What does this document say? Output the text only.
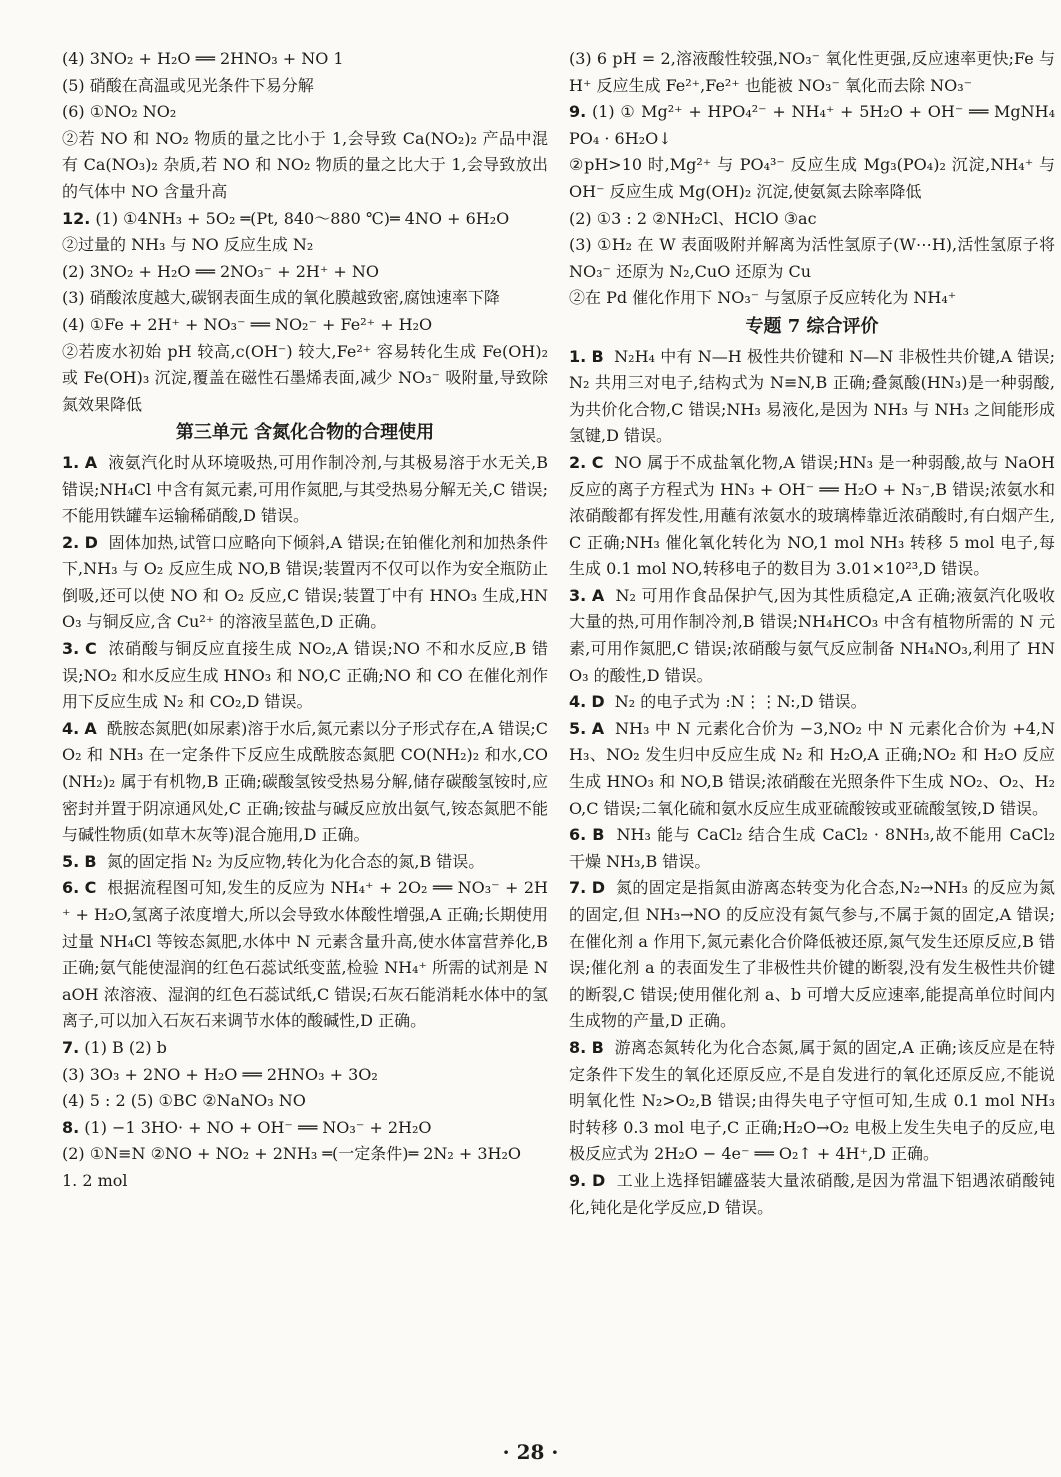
(4) 3NO₂ + H₂O ══ 2HNO₃ + NO 1

(5) 硝酸在高温或见光条件下易分解

(6) ①NO₂ NO₂

②若 NO 和 NO₂ 物质的量之比小于 1,会导致 Ca(NO₂)₂ 产品中混有 Ca(NO₃)₂ 杂质,若 NO 和 NO₂ 物质的量之比大于 1,会导致放出的气体中 NO 含量升高

12. (1) ①4NH₃ + 5O₂ ═(Pt, 840～880 ℃)═ 4NO + 6H₂O

②过量的 NH₃ 与 NO 反应生成 N₂

(2) 3NO₂ + H₂O ══ 2NO₃⁻ + 2H⁺ + NO

(3) 硝酸浓度越大,碳钢表面生成的氧化膜越致密,腐蚀速率下降

(4) ①Fe + 2H⁺ + NO₃⁻ ══ NO₂⁻ + Fe²⁺ + H₂O

②若废水初始 pH 较高,c(OH⁻) 较大,Fe²⁺ 容易转化生成 Fe(OH)₂ 或 Fe(OH)₃ 沉淀,覆盖在磁性石墨烯表面,减少 NO₃⁻ 吸附量,导致除氮效果降低

第三单元 含氮化合物的合理使用

1. A 液氨汽化时从环境吸热,可用作制冷剂,与其极易溶于水无关,B 错误;NH₄Cl 中含有氮元素,可用作氮肥,与其受热易分解无关,C 错误;不能用铁罐车运输稀硝酸,D 错误。

2. D 固体加热,试管口应略向下倾斜,A 错误;在铂催化剂和加热条件下,NH₃ 与 O₂ 反应生成 NO,B 错误;装置丙不仅可以作为安全瓶防止倒吸,还可以使 NO 和 O₂ 反应,C 错误;装置丁中有 HNO₃ 生成,HNO₃ 与铜反应,含 Cu²⁺ 的溶液呈蓝色,D 正确。

3. C 浓硝酸与铜反应直接生成 NO₂,A 错误;NO 不和水反应,B 错误;NO₂ 和水反应生成 HNO₃ 和 NO,C 正确;NO 和 CO 在催化剂作用下反应生成 N₂ 和 CO₂,D 错误。

4. A 酰胺态氮肥(如尿素)溶于水后,氮元素以分子形式存在,A 错误;CO₂ 和 NH₃ 在一定条件下反应生成酰胺态氮肥 CO(NH₂)₂ 和水,CO(NH₂)₂ 属于有机物,B 正确;碳酸氢铵受热易分解,储存碳酸氢铵时,应密封并置于阴凉通风处,C 正确;铵盐与碱反应放出氨气,铵态氮肥不能与碱性物质(如草木灰等)混合施用,D 正确。

5. B 氮的固定指 N₂ 为反应物,转化为化合态的氮,B 错误。

6. C 根据流程图可知,发生的反应为 NH₄⁺ + 2O₂ ══ NO₃⁻ + 2H⁺ + H₂O,氢离子浓度增大,所以会导致水体酸性增强,A 正确;长期使用过量 NH₄Cl 等铵态氮肥,水体中 N 元素含量升高,使水体富营养化,B 正确;氨气能使湿润的红色石蕊试纸变蓝,检验 NH₄⁺ 所需的试剂是 NaOH 浓溶液、湿润的红色石蕊试纸,C 错误;石灰石能消耗水体中的氢离子,可以加入石灰石来调节水体的酸碱性,D 正确。

7. (1) B (2) b

(3) 3O₃ + 2NO + H₂O ══ 2HNO₃ + 3O₂

(4) 5 : 2 (5) ①BC ②NaNO₃ NO

8. (1) −1 3HO· + NO + OH⁻ ══ NO₃⁻ + 2H₂O

(2) ①N≡N ②NO + NO₂ + 2NH₃ ═(一定条件)═ 2N₂ + 3H₂O

1. 2 mol

(3) 6 pH = 2,溶液酸性较强,NO₃⁻ 氧化性更强,反应速率更快;Fe 与 H⁺ 反应生成 Fe²⁺,Fe²⁺ 也能被 NO₃⁻ 氧化而去除 NO₃⁻

9. (1) ① Mg²⁺ + HPO₄²⁻ + NH₄⁺ + 5H₂O + OH⁻ ══ MgNH₄PO₄ · 6H₂O↓

②pH>10 时,Mg²⁺ 与 PO₄³⁻ 反应生成 Mg₃(PO₄)₂ 沉淀,NH₄⁺ 与 OH⁻ 反应生成 Mg(OH)₂ 沉淀,使氨氮去除率降低

(2) ①3 : 2 ②NH₂Cl、HClO ③ac

(3) ①H₂ 在 W 表面吸附并解离为活性氢原子(W⋯H),活性氢原子将 NO₃⁻ 还原为 N₂,CuO 还原为 Cu

②在 Pd 催化作用下 NO₃⁻ 与氢原子反应转化为 NH₄⁺

专题 7 综合评价

1. B N₂H₄ 中有 N—H 极性共价键和 N—N 非极性共价键,A 错误;N₂ 共用三对电子,结构式为 N≡N,B 正确;叠氮酸(HN₃)是一种弱酸,为共价化合物,C 错误;NH₃ 易液化,是因为 NH₃ 与 NH₃ 之间能形成氢键,D 错误。

2. C NO 属于不成盐氧化物,A 错误;HN₃ 是一种弱酸,故与 NaOH 反应的离子方程式为 HN₃ + OH⁻ ══ H₂O + N₃⁻,B 错误;浓氨水和浓硝酸都有挥发性,用蘸有浓氨水的玻璃棒靠近浓硝酸时,有白烟产生,C 正确;NH₃ 催化氧化转化为 NO,1 mol NH₃ 转移 5 mol 电子,每生成 0.1 mol NO,转移电子的数目为 3.01×10²³,D 错误。

3. A N₂ 可用作食品保护气,因为其性质稳定,A 正确;液氨汽化吸收大量的热,可用作制冷剂,B 错误;NH₄HCO₃ 中含有植物所需的 N 元素,可用作氮肥,C 错误;浓硝酸与氨气反应制备 NH₄NO₃,利用了 HNO₃ 的酸性,D 错误。

4. D N₂ 的电子式为 :N⋮⋮N:,D 错误。

5. A NH₃ 中 N 元素化合价为 −3,NO₂ 中 N 元素化合价为 +4,NH₃、NO₂ 发生归中反应生成 N₂ 和 H₂O,A 正确;NO₂ 和 H₂O 反应生成 HNO₃ 和 NO,B 错误;浓硝酸在光照条件下生成 NO₂、O₂、H₂O,C 错误;二氧化硫和氨水反应生成亚硫酸铵或亚硫酸氢铵,D 错误。

6. B NH₃ 能与 CaCl₂ 结合生成 CaCl₂ · 8NH₃,故不能用 CaCl₂ 干燥 NH₃,B 错误。

7. D 氮的固定是指氮由游离态转变为化合态,N₂→NH₃ 的反应为氮的固定,但 NH₃→NO 的反应没有氮气参与,不属于氮的固定,A 错误;在催化剂 a 作用下,氮元素化合价降低被还原,氮气发生还原反应,B 错误;催化剂 a 的表面发生了非极性共价键的断裂,没有发生极性共价键的断裂,C 错误;使用催化剂 a、b 可增大反应速率,能提高单位时间内生成物的产量,D 正确。

8. B 游离态氮转化为化合态氮,属于氮的固定,A 正确;该反应是在特定条件下发生的氧化还原反应,不是自发进行的氧化还原反应,不能说明氧化性 N₂>O₂,B 错误;由得失电子守恒可知,生成 0.1 mol NH₃ 时转移 0.3 mol 电子,C 正确;H₂O→O₂ 电极上发生失电子的反应,电极反应式为 2H₂O − 4e⁻ ══ O₂↑ + 4H⁺,D 正确。

9. D 工业上选择铝罐盛装大量浓硝酸,是因为常温下铝遇浓硝酸钝化,钝化是化学反应,D 错误。

· 28 ·
